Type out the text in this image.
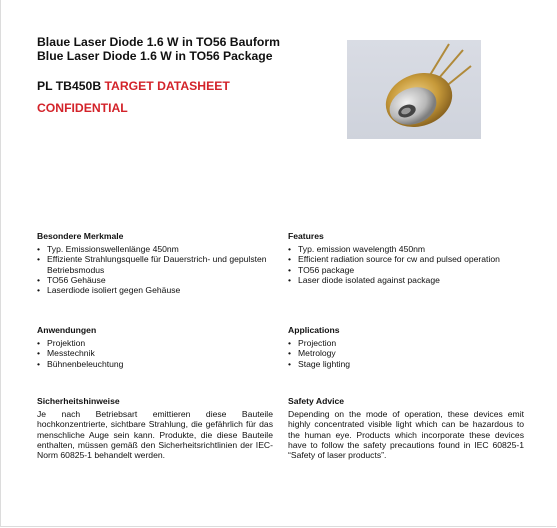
Blaue Laser Diode 1.6 W in TO56 Bauform
Blue Laser Diode 1.6 W in TO56 Package
PL TB450B TARGET DATASHEET
CONFIDENTIAL
Besondere Merkmale
• Typ. Emissionswellenlänge 450nm
• Effiziente Strahlungsquelle für Dauerstrich- und gepulsten Betriebsmodus
• TO56 Gehäuse
• Laserdiode isoliert gegen Gehäuse
Anwendungen
• Projektion
• Messtechnik
• Bühnenbeleuchtung
Sicherheitshinweise

Je nach Betriebsart emittieren diese Bauteile hochkonzentrierte, sichtbare Strahlung, die gefährlich für das menschliche Auge sein kann. Produkte, die diese Bauteile enthalten, müssen gemäß den Sicherheitsrichtlinien der IEC-Norm 60825-1 behandelt werden.

Features
• Typ. emission wavelength 450nm
• Efficient radiation source for cw and pulsed operation
• TO56 package
• Laser diode isolated against package
Applications
• Projection
• Metrology
• Stage lighting
Safety Advice

Depending on the mode of operation, these devices emit highly concentrated visible light which can be hazardous to the human eye. Products which incorporate these devices have to follow the safety precautions found in IEC 60825-1 “Safety of laser products”.
